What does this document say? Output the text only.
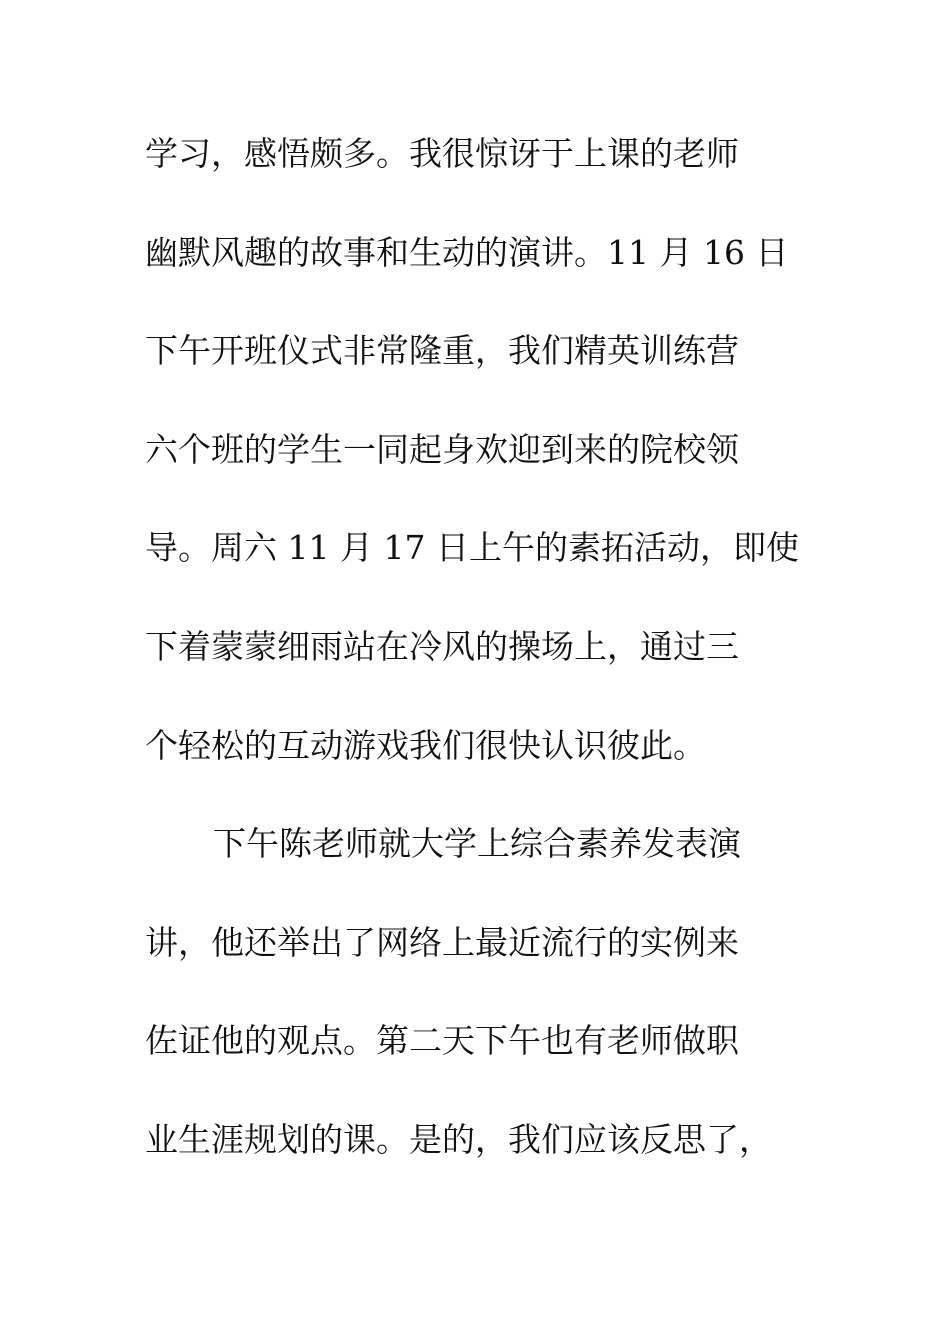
学习，感悟颇多。我很惊讶于上课的老师
幽默风趣的故事和生动的演讲。11 月 16 日
下午开班仪式非常隆重，我们精英训练营
六个班的学生一同起身欢迎到来的院校领
导。周六 11 月 17 日上午的素拓活动，即使
下着蒙蒙细雨站在冷风的操场上，通过三
个轻松的互动游戏我们很快认识彼此。
下午陈老师就大学上综合素养发表演
讲，他还举出了网络上最近流行的实例来
佐证他的观点。第二天下午也有老师做职
业生涯规划的课。是的，我们应该反思了，
